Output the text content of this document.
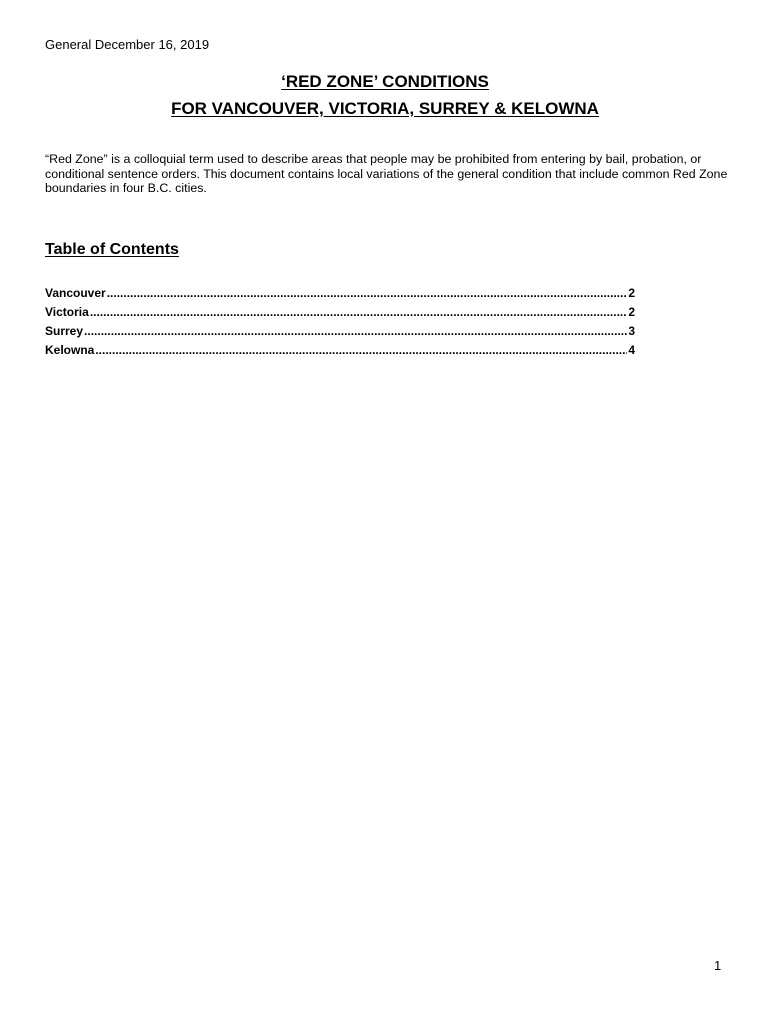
General December 16, 2019
‘RED ZONE’ CONDITIONS
FOR VANCOUVER, VICTORIA, SURREY & KELOWNA

“Red Zone” is a colloquial term used to describe areas that people may be prohibited from entering by bail, probation, or conditional sentence orders. This document contains local variations of the general condition that include common Red Zone boundaries in four B.C. cities.

Table of Contents
Vancouver .....	2
Victoria .....	2
Surrey .....	3
Kelowna .....	4
1
